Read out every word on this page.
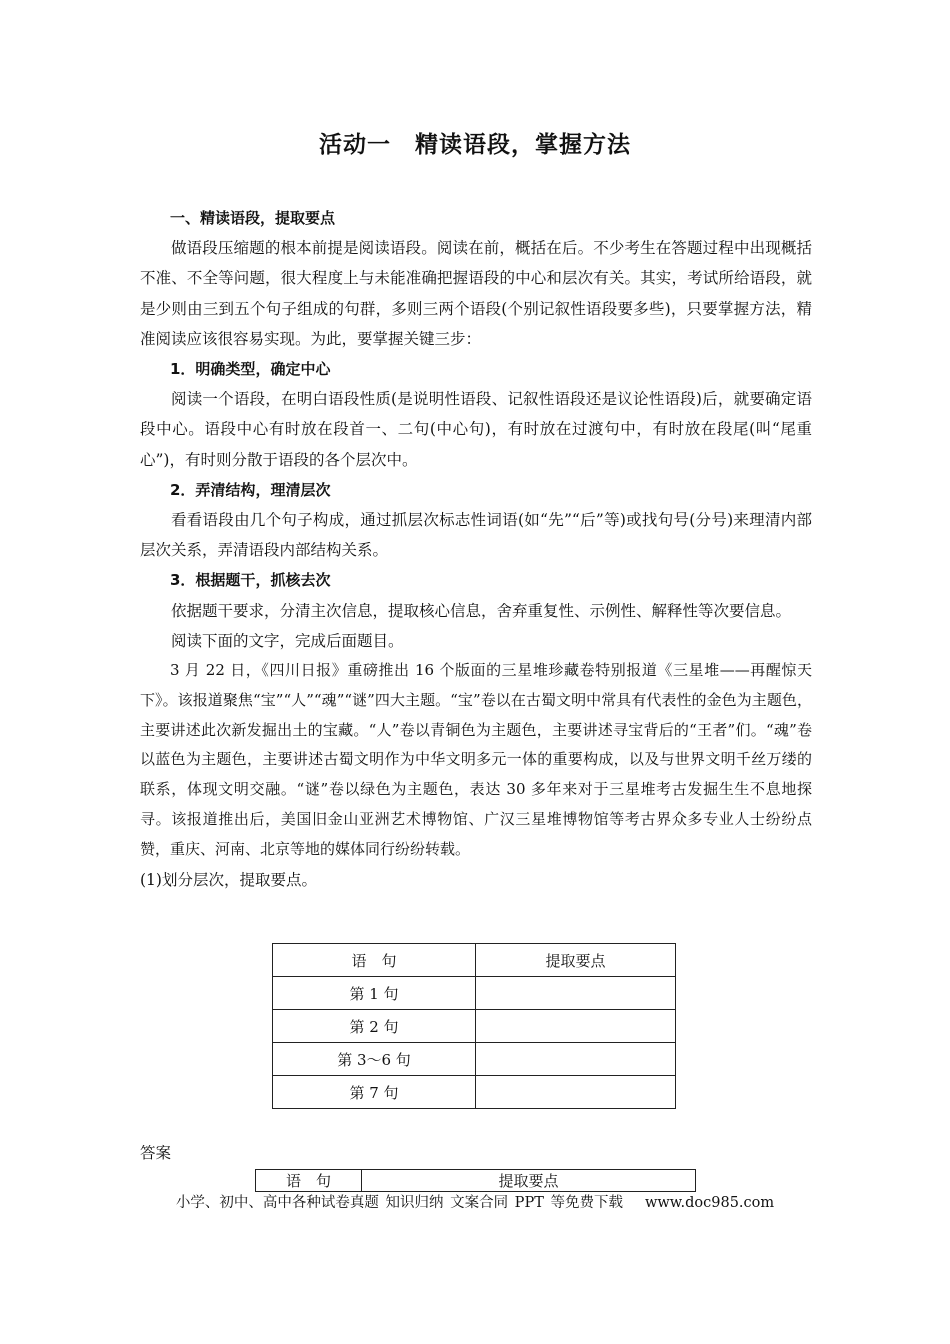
活动一　精读语段，掌握方法
一、精读语段，提取要点

做语段压缩题的根本前提是阅读语段。阅读在前，概括在后。不少考生在答题过程中出现概括不准、不全等问题，很大程度上与未能准确把握语段的中心和层次有关。其实，考试所给语段，就是少则由三到五个句子组成的句群，多则三两个语段(个别记叙性语段要多些)，只要掌握方法，精准阅读应该很容易实现。为此，要掌握关键三步：

1．明确类型，确定中心

阅读一个语段，在明白语段性质(是说明性语段、记叙性语段还是议论性语段)后，就要确定语段中心。语段中心有时放在段首一、二句(中心句)，有时放在过渡句中，有时放在段尾(叫“尾重心”)，有时则分散于语段的各个层次中。

2．弄清结构，理清层次

看看语段由几个句子构成，通过抓层次标志性词语(如“先”“后”等)或找句号(分号)来理清内部层次关系，弄清语段内部结构关系。

3．根据题干，抓核去次

依据题干要求，分清主次信息，提取核心信息，舍弃重复性、示例性、解释性等次要信息。

阅读下面的文字，完成后面题目。

3 月 22 日，《四川日报》重磅推出 16 个版面的三星堆珍藏卷特别报道《三星堆——再醒惊天下》。该报道聚焦“宝”“人”“魂”“谜”四大主题。“宝”卷以在古蜀文明中常具有代表性的金色为主题色，主要讲述此次新发掘出土的宝藏。“人”卷以青铜色为主题色，主要讲述寻宝背后的“王者”们。“魂”卷以蓝色为主题色，主要讲述古蜀文明作为中华文明多元一体的重要构成，以及与世界文明千丝万缕的联系，体现文明交融。“谜”卷以绿色为主题色，表达 30 多年来对于三星堆考古发掘生生不息地探寻。该报道推出后，美国旧金山亚洲艺术博物馆、广汉三星堆博物馆等考古界众多专业人士纷纷点赞，重庆、河南、北京等地的媒体同行纷纷转载。

(1)划分层次，提取要点。

语　句	提取要点
第 1 句	
第 2 句	
第 3～6 句	
第 7 句	
答案
语　句	提取要点
小学、初中、高中各种试卷真题 知识归纳 文案合同 PPT 等免费下载 www.doc985.com
